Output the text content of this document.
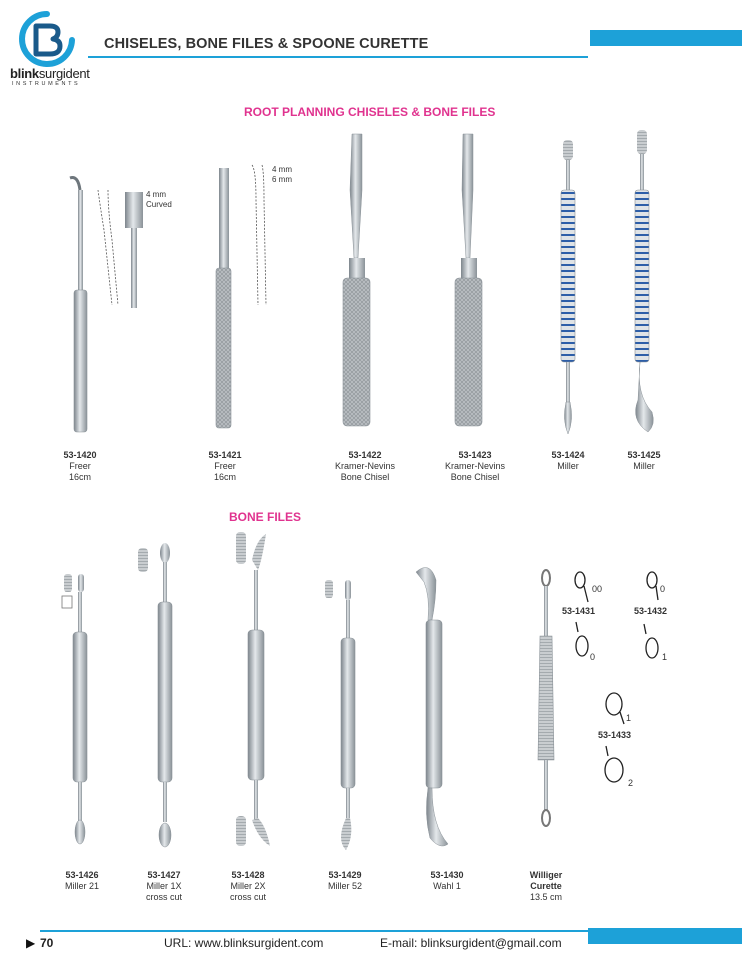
blinksurgident
INSTRUMENTS
CHISELES, BONE FILES & SPOONE CURETTE
ROOT PLANNING CHISELES & BONE FILES
BONE FILES
4 mm
Curved
4 mm
6 mm
53-1420
Freer
16cm
53-1421
Freer
16cm
53-1422
Kramer-Nevins
Bone Chisel
53-1423
Kramer-Nevins
Bone Chisel
53-1424
Miller
53-1425
Miller
53-1426
Miller 21
53-1427
Miller 1X
cross cut
53-1428
Miller 2X
cross cut
53-1429
Miller 52
53-1430
Wahl 1
Williger
Curette
13.5 cm
53-1431	53-1432
53-1433
00
0
0
1
1
2
▶ 70	URL: www.blinksurgident.com	E-mail: blinksurgident@gmail.com
